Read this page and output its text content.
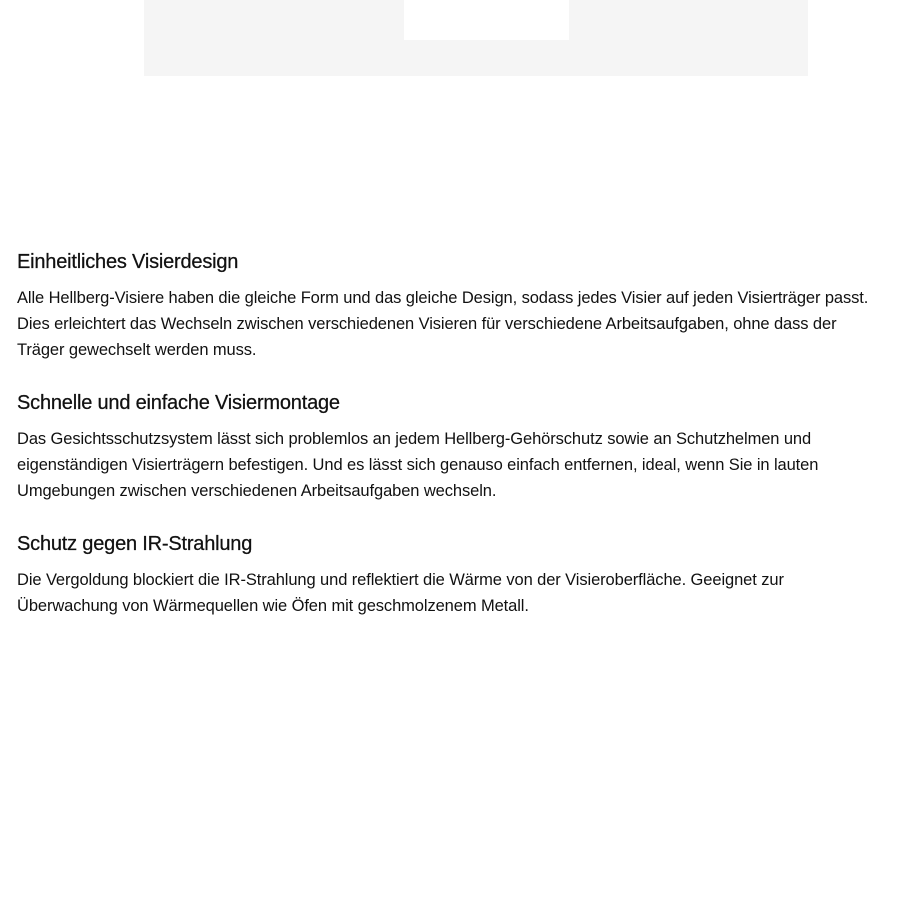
Einheitliches Visierdesign

Alle Hellberg-Visiere haben die gleiche Form und das gleiche Design, sodass jedes Visier auf jeden Visierträger passt. Dies erleichtert das Wechseln zwischen verschiedenen Visieren für verschiedene Arbeitsaufgaben, ohne dass der Träger gewechselt werden muss.

Schnelle und einfache Visiermontage

Das Gesichtsschutzsystem lässt sich problemlos an jedem Hellberg-Gehörschutz sowie an Schutzhelmen und eigenständigen Visierträgern befestigen. Und es lässt sich genauso einfach entfernen, ideal, wenn Sie in lauten Umgebungen zwischen verschiedenen Arbeitsaufgaben wechseln.

Schutz gegen IR-Strahlung

Die Vergoldung blockiert die IR-Strahlung und reflektiert die Wärme von der Visieroberfläche. Geeignet zur Überwachung von Wärmequellen wie Öfen mit geschmolzenem Metall.
